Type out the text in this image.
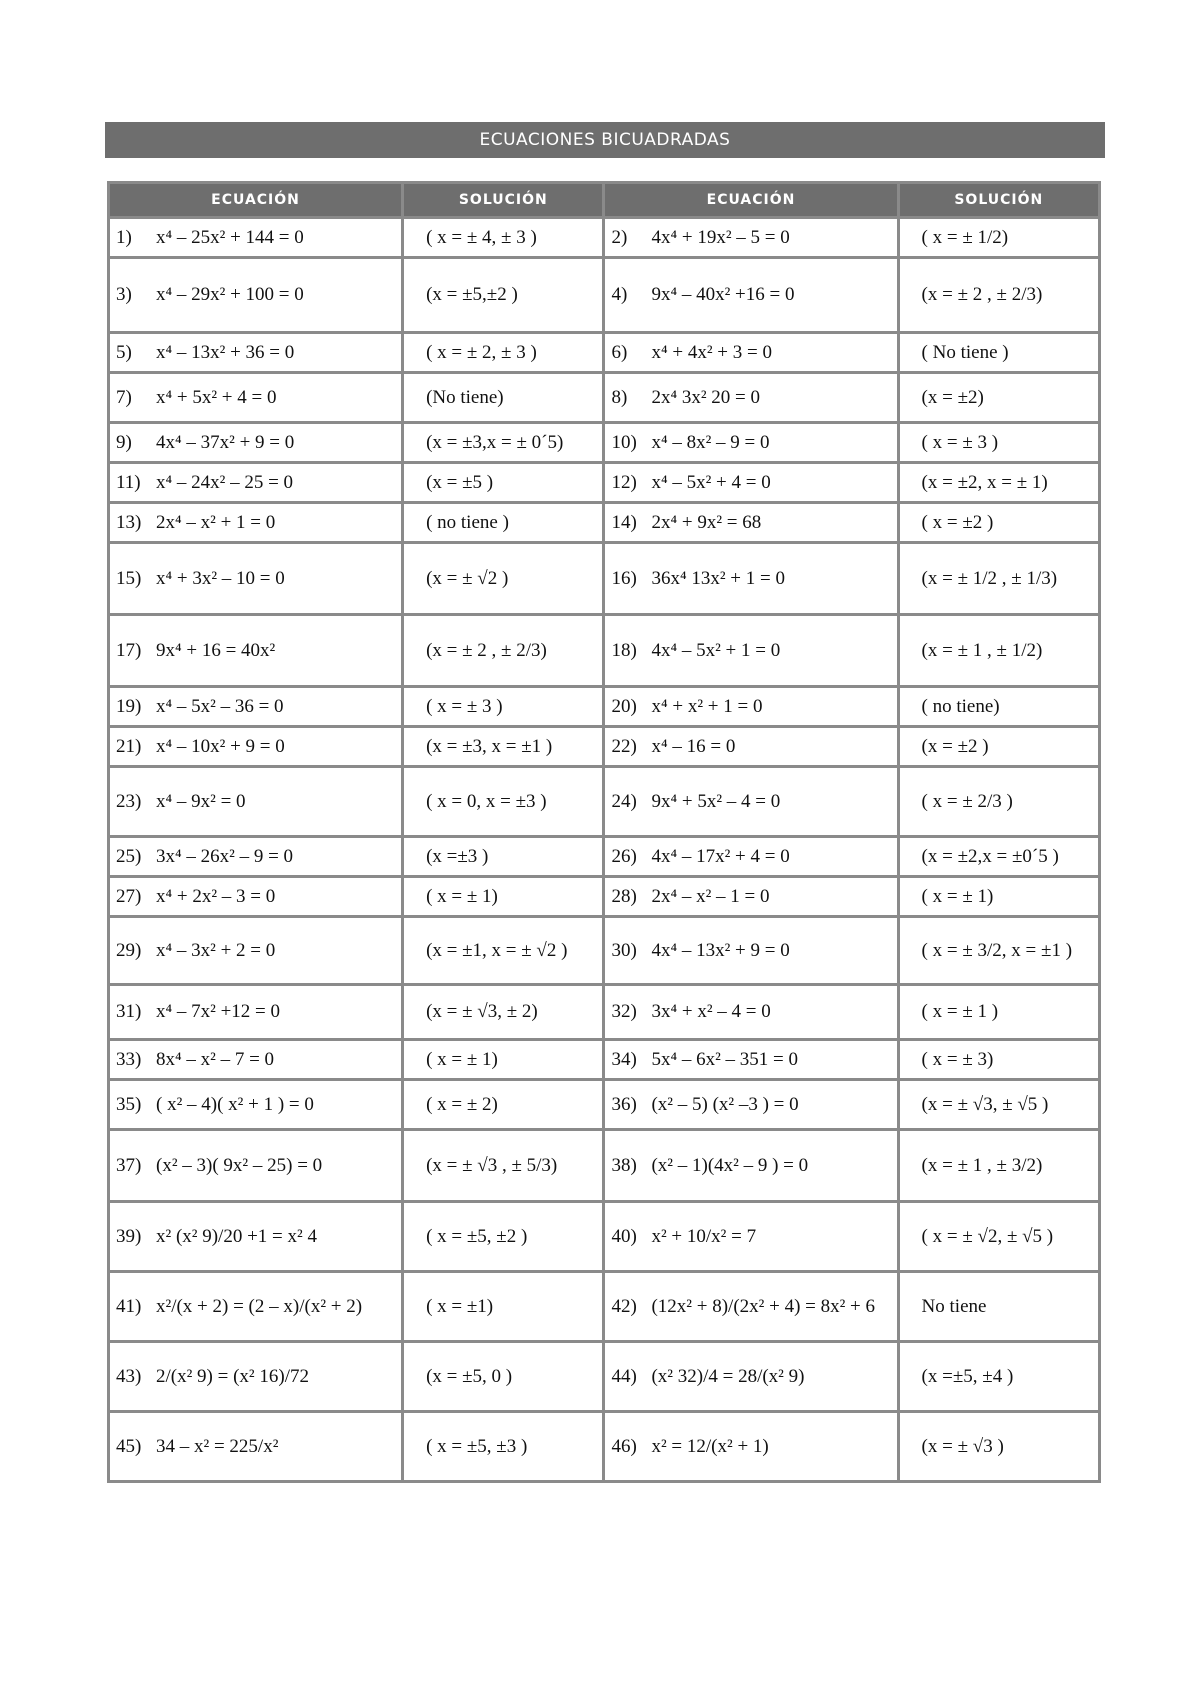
ECUACIONES BICUADRADAS
ECUACIÓN	SOLUCIÓN	ECUACIÓN	SOLUCIÓN
1) x⁴ – 25x² + 144 = 0	( x = ± 4, ± 3 )	2) 4x⁴ + 19x² – 5 = 0	( x = ± 1/2)
3) x⁴ – 29x² + 100 = 0	(x = ±5,±2 )	4) 9x⁴ – 40x² +16 = 0	(x = ± 2 , ± 2/3)
5) x⁴ – 13x² + 36 = 0	( x = ± 2, ± 3 )	6) x⁴ + 4x² + 3 = 0	( No tiene )
7) x⁴ + 5x² + 4 = 0	(No tiene)	8) 2x⁴ 3x² 20 = 0	(x = ±2)
9) 4x⁴ – 37x² + 9 = 0	(x = ±3,x = ± 0´5)	10) x⁴ – 8x² – 9 = 0	( x = ± 3 )
11) x⁴ – 24x² – 25 = 0	(x = ±5 )	12) x⁴ – 5x² + 4 = 0	(x = ±2, x = ± 1)
13) 2x⁴ – x² + 1 = 0	( no tiene )	14) 2x⁴ + 9x² = 68	( x = ±2 )
15) x⁴ + 3x² – 10 = 0	(x = ± √2 )	16) 36x⁴ 13x² + 1 = 0	(x = ± 1/2 , ± 1/3)
17) 9x⁴ + 16 = 40x²	(x = ± 2 , ± 2/3)	18) 4x⁴ – 5x² + 1 = 0	(x = ± 1 , ± 1/2)
19) x⁴ – 5x² – 36 = 0	( x = ± 3 )	20) x⁴ + x² + 1 = 0	( no tiene)
21) x⁴ – 10x² + 9 = 0	(x = ±3, x = ±1 )	22) x⁴ – 16 = 0	(x = ±2 )
23) x⁴ – 9x² = 0	( x = 0, x = ±3 )	24) 9x⁴ + 5x² – 4 = 0	( x = ± 2/3 )
25) 3x⁴ – 26x² – 9 = 0	(x =±3 )	26) 4x⁴ – 17x² + 4 = 0	(x = ±2,x = ±0´5 )
27) x⁴ + 2x² – 3 = 0	( x = ± 1)	28) 2x⁴ – x² – 1 = 0	( x = ± 1)
29) x⁴ – 3x² + 2 = 0	(x = ±1, x = ± √2 )	30) 4x⁴ – 13x² + 9 = 0	( x = ± 3/2, x = ±1 )
31) x⁴ – 7x² +12 = 0	(x = ± √3, ± 2)	32) 3x⁴ + x² – 4 = 0	( x = ± 1 )
33) 8x⁴ – x² – 7 = 0	( x = ± 1)	34) 5x⁴ – 6x² – 351 = 0	( x = ± 3)
35) ( x² – 4)( x² + 1 ) = 0	( x = ± 2)	36) (x² – 5) (x² –3 ) = 0	(x = ± √3, ± √5 )
37) (x² – 3)( 9x² – 25) = 0	(x = ± √3 , ± 5/3)	38) (x² – 1)(4x² – 9 ) = 0	(x = ± 1 , ± 3/2)
39) x² (x² 9)/20 +1 = x² 4	( x = ±5, ±2 )	40) x² + 10/x² = 7	( x = ± √2, ± √5 )
41) x²/(x + 2) = (2 – x)/(x² + 2)	( x = ±1)	42) (12x² + 8)/(2x² + 4) = 8x² + 6	No tiene
43) 2/(x² 9) = (x² 16)/72	(x = ±5, 0 )	44) (x² 32)/4 = 28/(x² 9)	(x =±5, ±4 )
45) 34 – x² = 225/x²	( x = ±5, ±3 )	46) x² = 12/(x² + 1)	(x = ± √3 )
